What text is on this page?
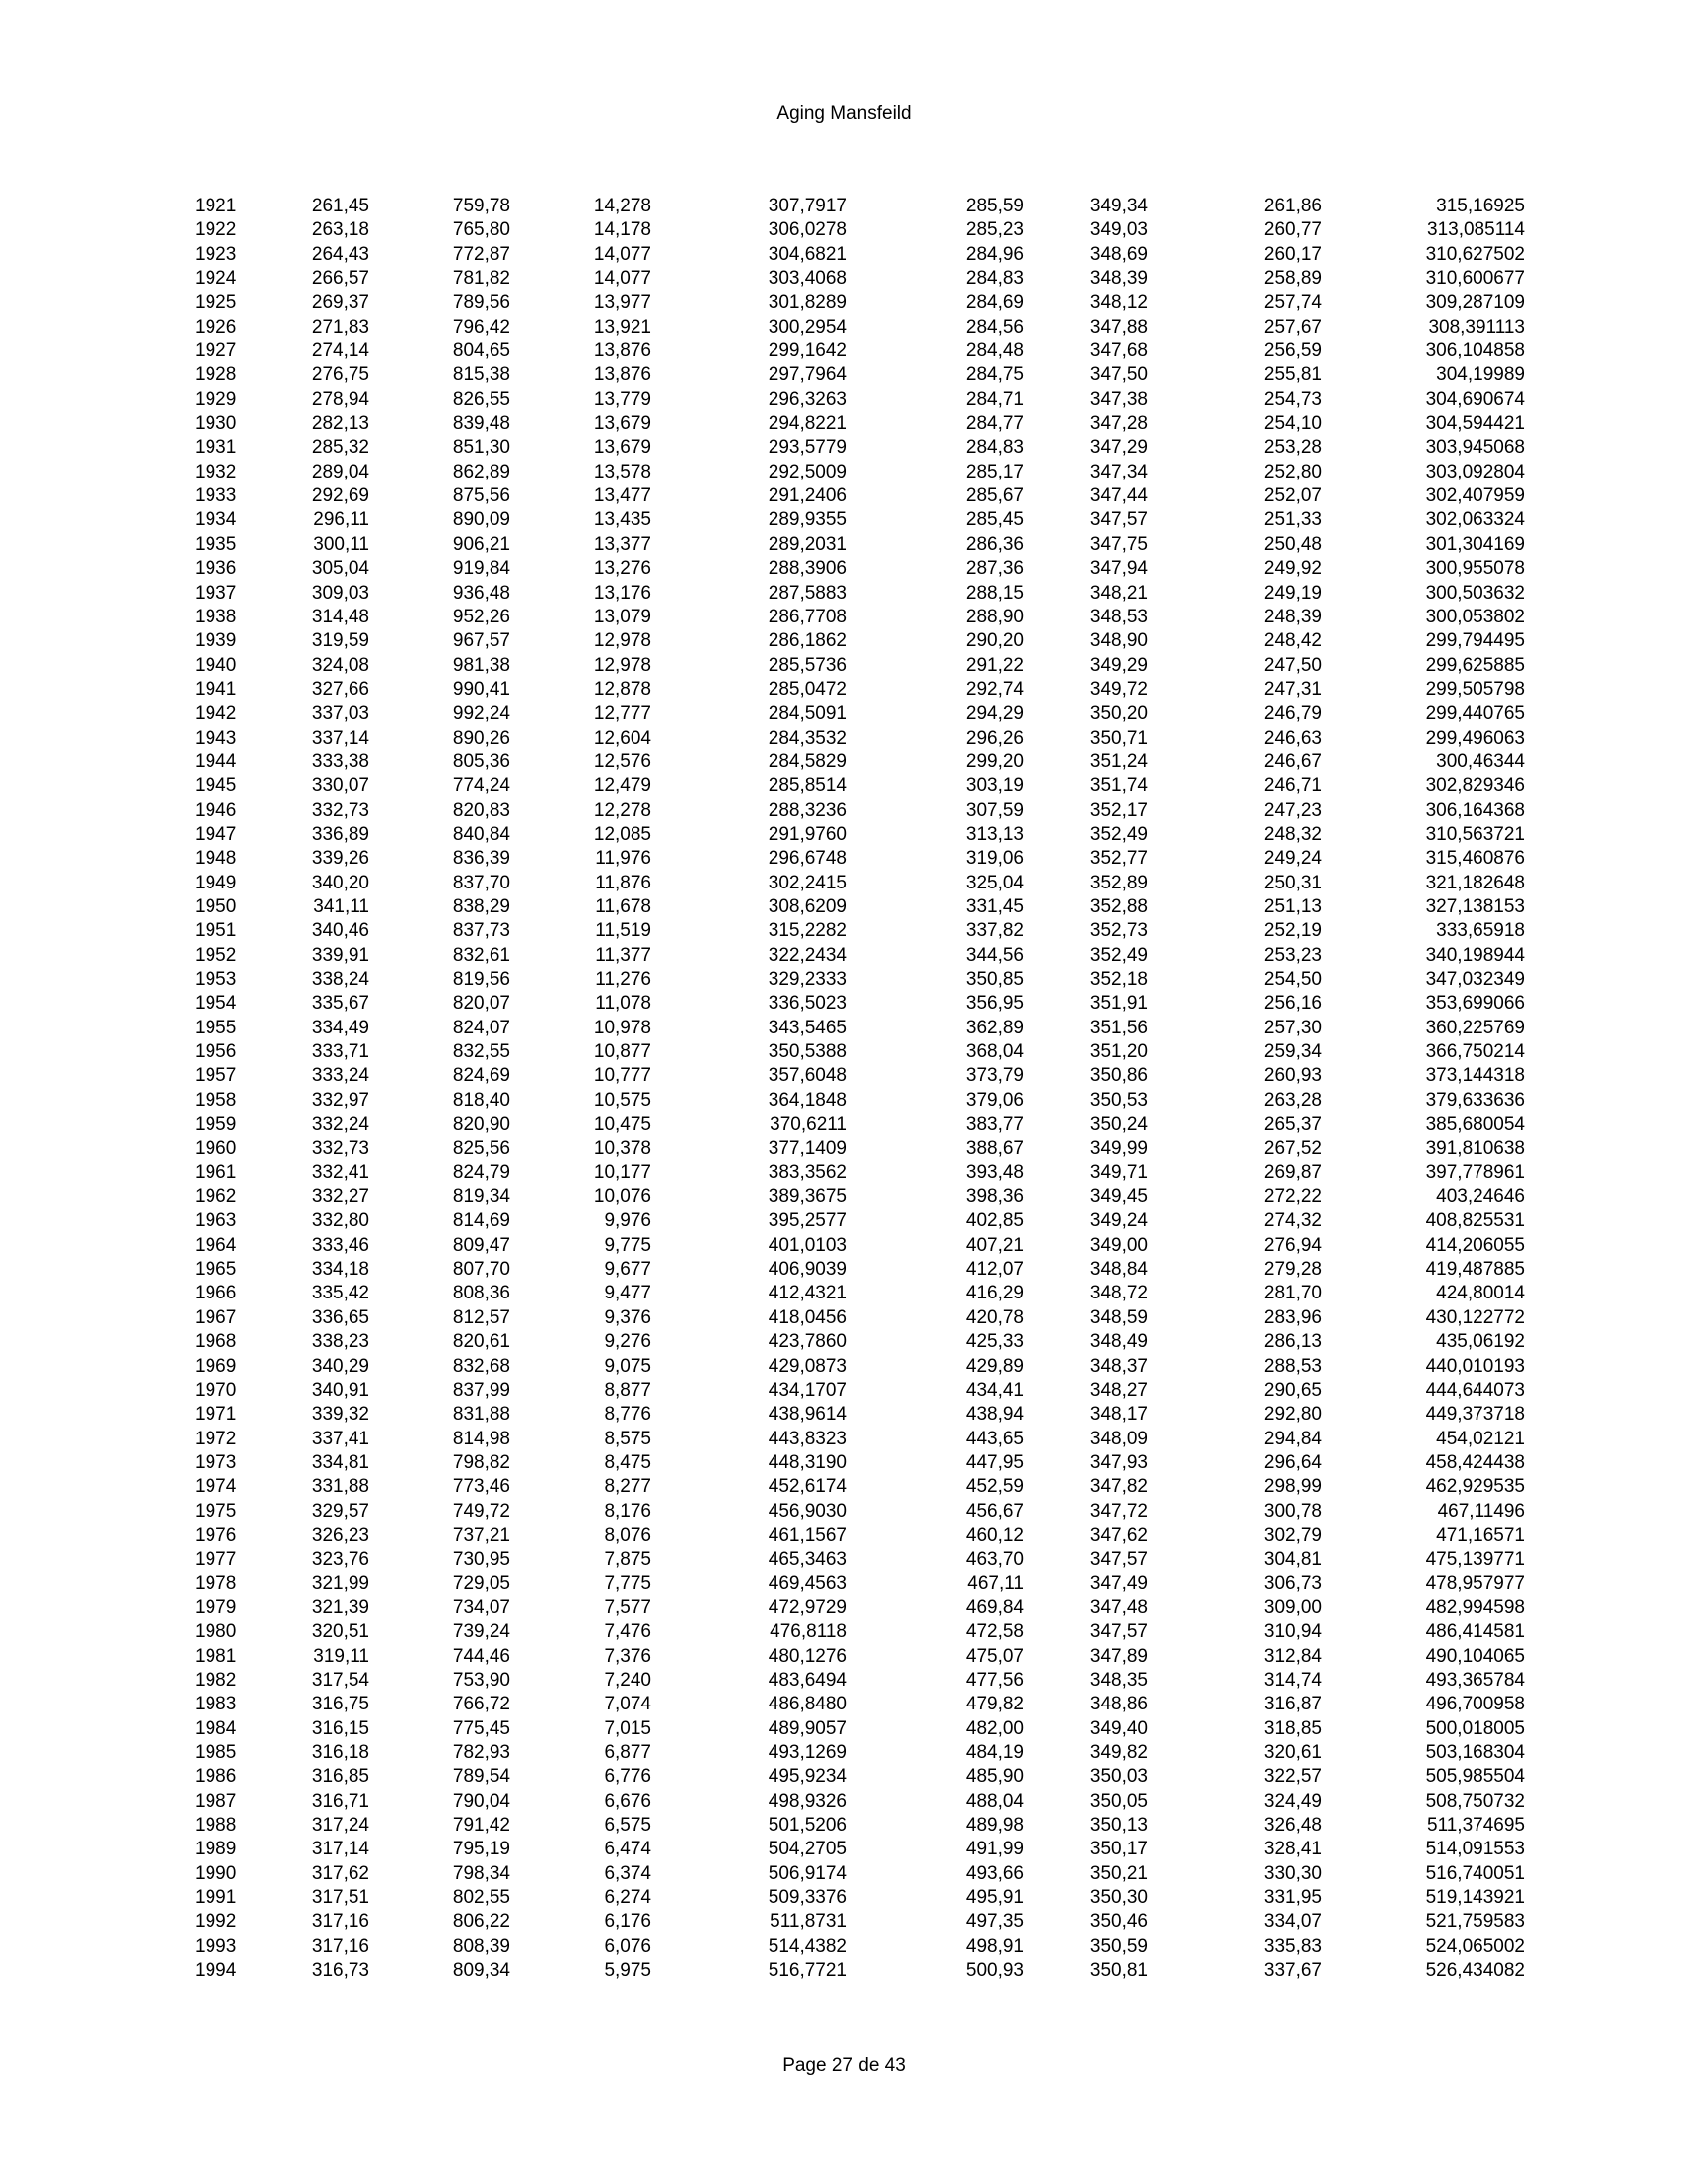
Aging Mansfeild
1921	261,45	759,78	14,278	307,7917	285,59	349,34	261,86	315,16925
1922	263,18	765,80	14,178	306,0278	285,23	349,03	260,77	313,085114
1923	264,43	772,87	14,077	304,6821	284,96	348,69	260,17	310,627502
1924	266,57	781,82	14,077	303,4068	284,83	348,39	258,89	310,600677
1925	269,37	789,56	13,977	301,8289	284,69	348,12	257,74	309,287109
1926	271,83	796,42	13,921	300,2954	284,56	347,88	257,67	308,391113
1927	274,14	804,65	13,876	299,1642	284,48	347,68	256,59	306,104858
1928	276,75	815,38	13,876	297,7964	284,75	347,50	255,81	304,19989
1929	278,94	826,55	13,779	296,3263	284,71	347,38	254,73	304,690674
1930	282,13	839,48	13,679	294,8221	284,77	347,28	254,10	304,594421
1931	285,32	851,30	13,679	293,5779	284,83	347,29	253,28	303,945068
1932	289,04	862,89	13,578	292,5009	285,17	347,34	252,80	303,092804
1933	292,69	875,56	13,477	291,2406	285,67	347,44	252,07	302,407959
1934	296,11	890,09	13,435	289,9355	285,45	347,57	251,33	302,063324
1935	300,11	906,21	13,377	289,2031	286,36	347,75	250,48	301,304169
1936	305,04	919,84	13,276	288,3906	287,36	347,94	249,92	300,955078
1937	309,03	936,48	13,176	287,5883	288,15	348,21	249,19	300,503632
1938	314,48	952,26	13,079	286,7708	288,90	348,53	248,39	300,053802
1939	319,59	967,57	12,978	286,1862	290,20	348,90	248,42	299,794495
1940	324,08	981,38	12,978	285,5736	291,22	349,29	247,50	299,625885
1941	327,66	990,41	12,878	285,0472	292,74	349,72	247,31	299,505798
1942	337,03	992,24	12,777	284,5091	294,29	350,20	246,79	299,440765
1943	337,14	890,26	12,604	284,3532	296,26	350,71	246,63	299,496063
1944	333,38	805,36	12,576	284,5829	299,20	351,24	246,67	300,46344
1945	330,07	774,24	12,479	285,8514	303,19	351,74	246,71	302,829346
1946	332,73	820,83	12,278	288,3236	307,59	352,17	247,23	306,164368
1947	336,89	840,84	12,085	291,9760	313,13	352,49	248,32	310,563721
1948	339,26	836,39	11,976	296,6748	319,06	352,77	249,24	315,460876
1949	340,20	837,70	11,876	302,2415	325,04	352,89	250,31	321,182648
1950	341,11	838,29	11,678	308,6209	331,45	352,88	251,13	327,138153
1951	340,46	837,73	11,519	315,2282	337,82	352,73	252,19	333,65918
1952	339,91	832,61	11,377	322,2434	344,56	352,49	253,23	340,198944
1953	338,24	819,56	11,276	329,2333	350,85	352,18	254,50	347,032349
1954	335,67	820,07	11,078	336,5023	356,95	351,91	256,16	353,699066
1955	334,49	824,07	10,978	343,5465	362,89	351,56	257,30	360,225769
1956	333,71	832,55	10,877	350,5388	368,04	351,20	259,34	366,750214
1957	333,24	824,69	10,777	357,6048	373,79	350,86	260,93	373,144318
1958	332,97	818,40	10,575	364,1848	379,06	350,53	263,28	379,633636
1959	332,24	820,90	10,475	370,6211	383,77	350,24	265,37	385,680054
1960	332,73	825,56	10,378	377,1409	388,67	349,99	267,52	391,810638
1961	332,41	824,79	10,177	383,3562	393,48	349,71	269,87	397,778961
1962	332,27	819,34	10,076	389,3675	398,36	349,45	272,22	403,24646
1963	332,80	814,69	9,976	395,2577	402,85	349,24	274,32	408,825531
1964	333,46	809,47	9,775	401,0103	407,21	349,00	276,94	414,206055
1965	334,18	807,70	9,677	406,9039	412,07	348,84	279,28	419,487885
1966	335,42	808,36	9,477	412,4321	416,29	348,72	281,70	424,80014
1967	336,65	812,57	9,376	418,0456	420,78	348,59	283,96	430,122772
1968	338,23	820,61	9,276	423,7860	425,33	348,49	286,13	435,06192
1969	340,29	832,68	9,075	429,0873	429,89	348,37	288,53	440,010193
1970	340,91	837,99	8,877	434,1707	434,41	348,27	290,65	444,644073
1971	339,32	831,88	8,776	438,9614	438,94	348,17	292,80	449,373718
1972	337,41	814,98	8,575	443,8323	443,65	348,09	294,84	454,02121
1973	334,81	798,82	8,475	448,3190	447,95	347,93	296,64	458,424438
1974	331,88	773,46	8,277	452,6174	452,59	347,82	298,99	462,929535
1975	329,57	749,72	8,176	456,9030	456,67	347,72	300,78	467,11496
1976	326,23	737,21	8,076	461,1567	460,12	347,62	302,79	471,16571
1977	323,76	730,95	7,875	465,3463	463,70	347,57	304,81	475,139771
1978	321,99	729,05	7,775	469,4563	467,11	347,49	306,73	478,957977
1979	321,39	734,07	7,577	472,9729	469,84	347,48	309,00	482,994598
1980	320,51	739,24	7,476	476,8118	472,58	347,57	310,94	486,414581
1981	319,11	744,46	7,376	480,1276	475,07	347,89	312,84	490,104065
1982	317,54	753,90	7,240	483,6494	477,56	348,35	314,74	493,365784
1983	316,75	766,72	7,074	486,8480	479,82	348,86	316,87	496,700958
1984	316,15	775,45	7,015	489,9057	482,00	349,40	318,85	500,018005
1985	316,18	782,93	6,877	493,1269	484,19	349,82	320,61	503,168304
1986	316,85	789,54	6,776	495,9234	485,90	350,03	322,57	505,985504
1987	316,71	790,04	6,676	498,9326	488,04	350,05	324,49	508,750732
1988	317,24	791,42	6,575	501,5206	489,98	350,13	326,48	511,374695
1989	317,14	795,19	6,474	504,2705	491,99	350,17	328,41	514,091553
1990	317,62	798,34	6,374	506,9174	493,66	350,21	330,30	516,740051
1991	317,51	802,55	6,274	509,3376	495,91	350,30	331,95	519,143921
1992	317,16	806,22	6,176	511,8731	497,35	350,46	334,07	521,759583
1993	317,16	808,39	6,076	514,4382	498,91	350,59	335,83	524,065002
1994	316,73	809,34	5,975	516,7721	500,93	350,81	337,67	526,434082
Page 27 de 43
